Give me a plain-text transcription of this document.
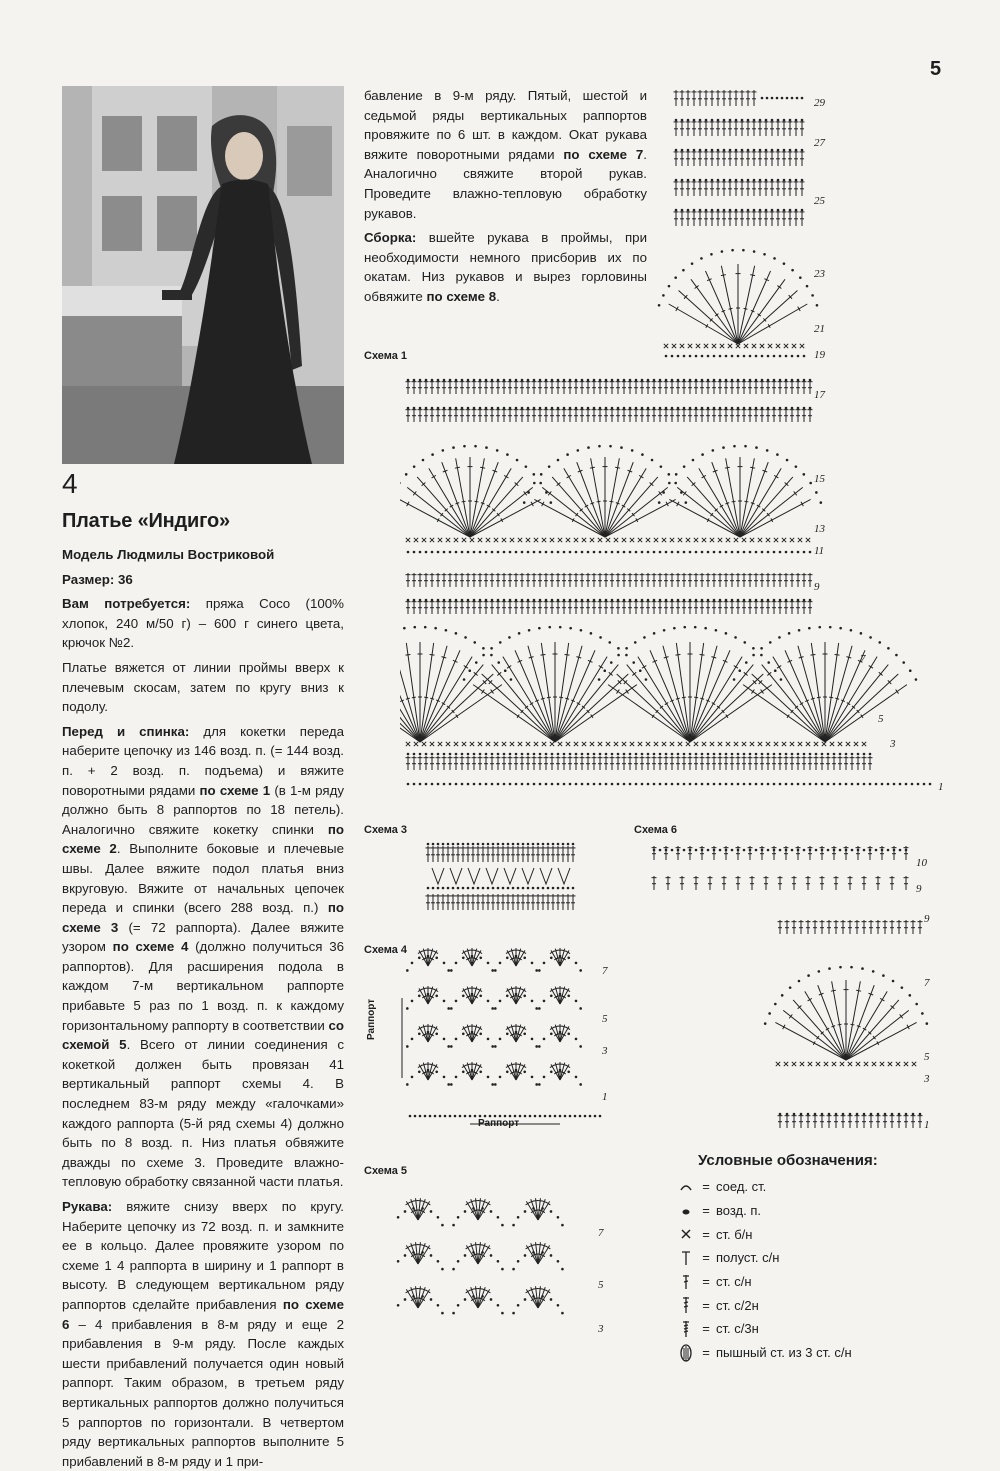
5
4
Платье «Индиго»

Модель Людмилы Востриковой

Размер: 36

Вам потребуется: пряжа Coco (100% хлопок, 240 м/50 г) – 600 г синего цвета, крючок №2.

Платье вяжется от линии проймы вверх к плечевым скосам, затем по кругу вниз к подолу.

Перед и спинка: для кокетки переда наберите цепочку из 146 возд. п. (= 144 возд. п. + 2 возд. п. подъема) и вяжите поворотными рядами по схеме 1 (в 1-м ряду должно быть 8 раппортов по 18 петель). Аналогично свяжите кокетку спинки по схеме 2. Выполните боковые и плечевые швы. Далее вяжите подол платья вниз вкруговую. Вяжите от начальных цепочек переда и спинки (всего 288 возд. п.) по схеме 3 (= 72 раппорта). Далее вяжите узором по схеме 4 (должно получиться 36 раппортов). Для расширения подола в каждом 7-м вертикальном раппорте прибавьте 5 раз по 1 возд. п. к каждому горизонтальному раппорту в соответствии со схемой 5. Всего от линии соединения с кокеткой должен быть провязан 41 вертикальный раппорт схемы 4. В последнем 83-м ряду между «галочками» каждого раппорта (5-й ряд схемы 4) должно быть по 8 возд. п. Низ платья обвяжите дважды по схеме 3. Проведите влажно-тепловую обработку связанной части платья.

Рукава: вяжите снизу вверх по кругу. Наберите цепочку из 72 возд. п. и замкните ее в кольцо. Далее провяжите узором по схеме 1 4 раппорта в ширину и 1 раппорт в высоту. В следующем вертикальном ряду раппортов сделайте прибавления по схеме 6 – 4 прибавления в 8-м ряду и еще 2 прибавления в 9-м ряду. После каждых шести прибавлений получается один новый раппорт. Таким образом, в третьем ряду вертикальных раппортов должно получиться 5 раппортов по горизонтали. В четвертом ряду вертикальных раппортов выполните 5 прибавлений в 8-м ряду и 1 при-

бавление в 9-м ряду. Пятый, шестой и седьмой ряды вертикальных раппортов провяжите по 6 шт. в каждом. Окат рукава вяжите поворотными рядами по схеме 7. Аналогично свяжите второй рукав. Проведите влажно-тепловую обработку рукавов.

Сборка: вшейте рукава в проймы, при необходимости немного присборив их по окатам. Низ рукавов и вырез горловины обвяжите по схеме 8.

Схема 1
Схема 3
Схема 4
Схема 5
Схема 6
29
27
25
23
21
19
17
15
13
11
9
7
5
3
1
7
5
3
1
7
5
3
10
9
9
7
5
3
1
Раппорт
Раппорт
Условные обозначения:
= соед. ст.
= возд. п.
= ст. б/н
= полуст. с/н
= ст. с/н
= ст. с/2н
= ст. с/3н
= пышный ст. из 3 ст. с/н
